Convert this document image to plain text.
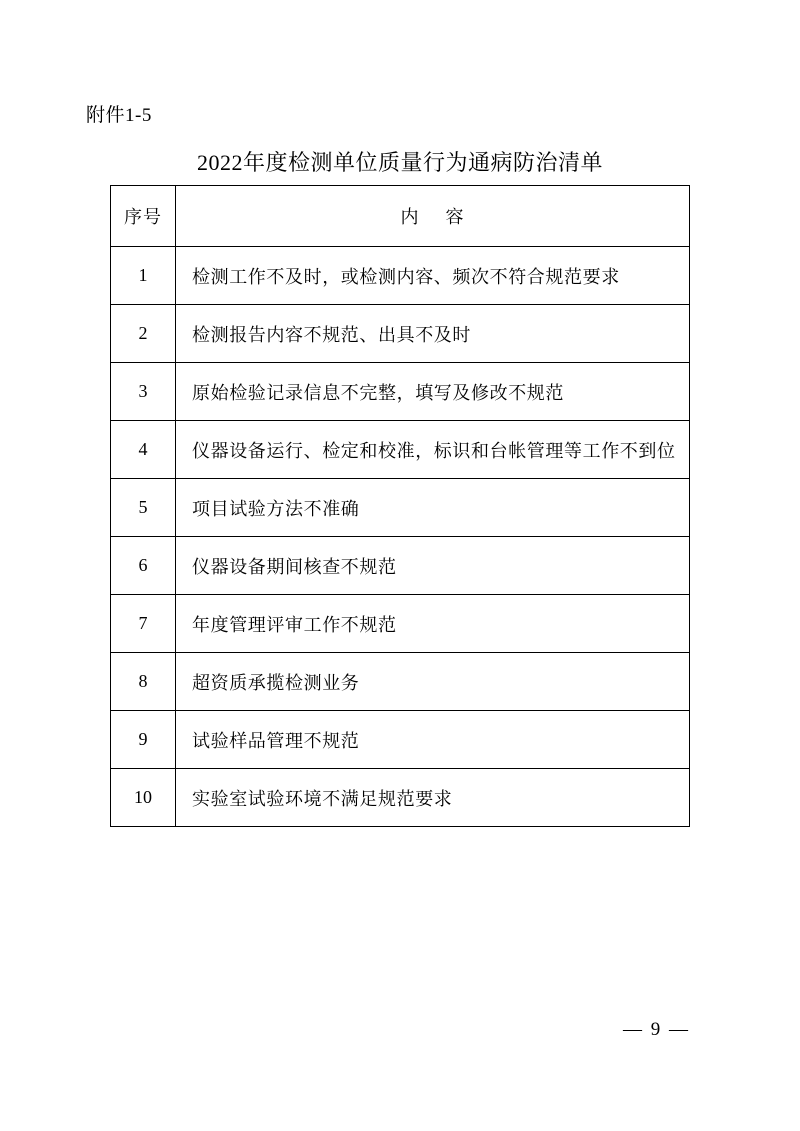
附件1-5
2022年度检测单位质量行为通病防治清单
序号	内 容
1	检测工作不及时，或检测内容、频次不符合规范要求
2	检测报告内容不规范、出具不及时
3	原始检验记录信息不完整，填写及修改不规范
4	仪器设备运行、检定和校准，标识和台帐管理等工作不到位
5	项目试验方法不准确
6	仪器设备期间核查不规范
7	年度管理评审工作不规范
8	超资质承揽检测业务
9	试验样品管理不规范
10	实验室试验环境不满足规范要求
— 9 —
